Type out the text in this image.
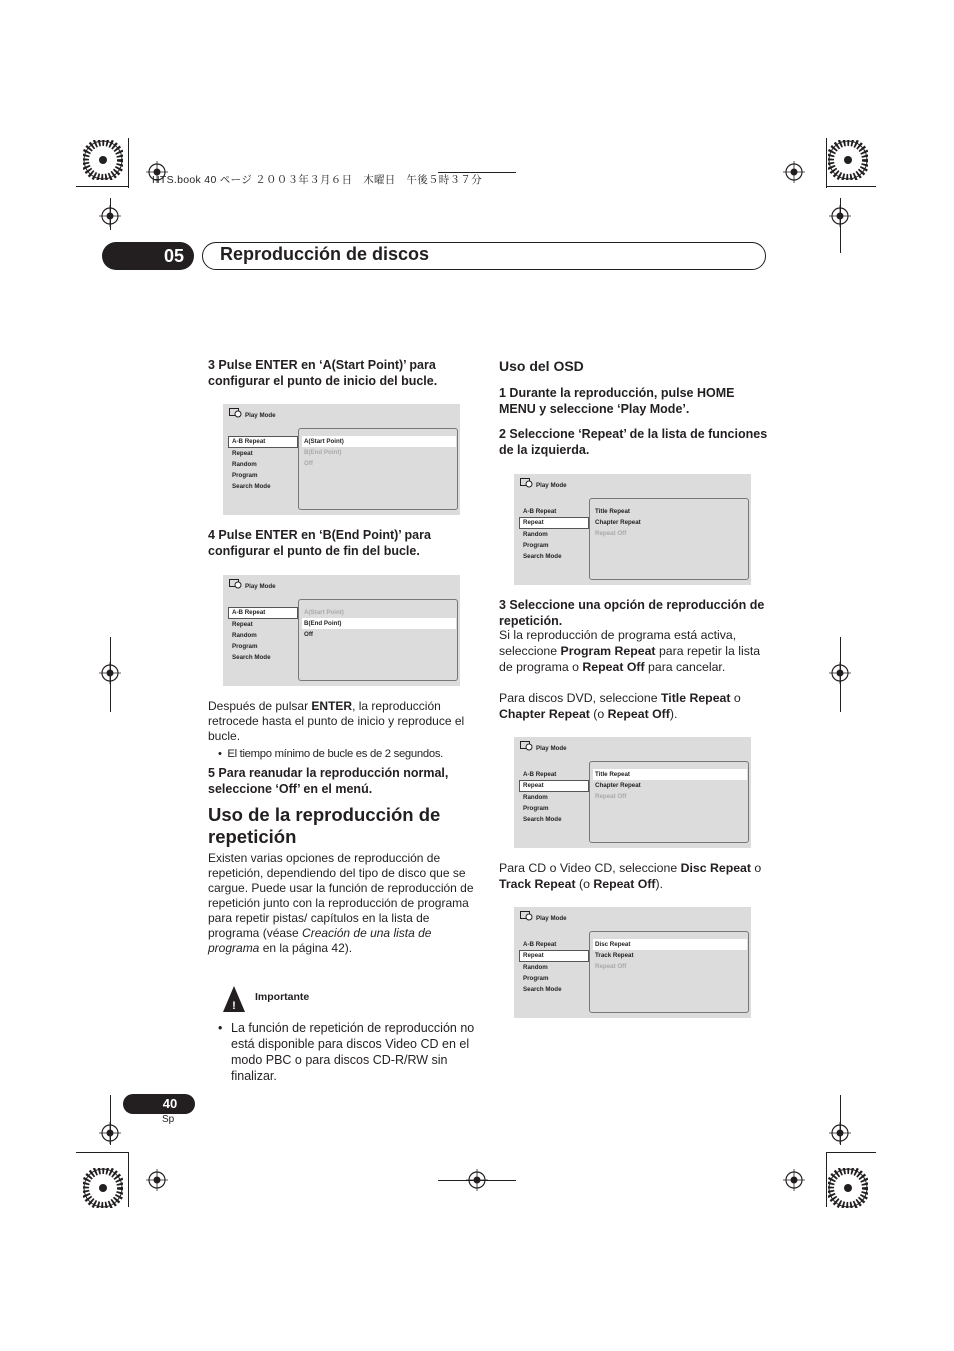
HTS.book 40 ページ ２００３年３月６日　木曜日　午後５時３７分
05	Reproducción de discos
3 Pulse ENTER en ‘A(Start Point)’ para configurar el punto de inicio del bucle.
Play Mode
A-B Repeat
Repeat
Random
Program
Search Mode
A(Start Point)
B(End Point)
Off
4 Pulse ENTER en ‘B(End Point)’ para configurar el punto de fin del bucle.
Play Mode
A-B Repeat
Repeat
Random
Program
Search Mode
A(Start Point)
B(End Point)
Off
Después de pulsar ENTER, la reproducción retrocede hasta el punto de inicio y reproduce el bucle.
•  El tiempo mínimo de bucle es de 2 segundos.
5 Para reanudar la reproducción normal, seleccione ‘Off’ en el menú.
Uso de la reproducción de repetición
Existen varias opciones de reproducción de repetición, dependiendo del tipo de disco que se cargue. Puede usar la función de reproducción de repetición junto con la reproducción de programa para repetir pistas/ capítulos en la lista de programa (véase Creación de una lista de programa en la página 42).
!
Importante
• La función de repetición de reproducción no está disponible para discos Video CD en el modo PBC o para discos CD-R/RW sin finalizar.
Uso del OSD
1 Durante la reproducción, pulse HOME MENU y seleccione ‘Play Mode’.
2 Seleccione ‘Repeat’ de la lista de funciones de la izquierda.
Play Mode
A-B Repeat
Repeat
Random
Program
Search Mode
Title Repeat
Chapter Repeat
Repeat Off
3 Seleccione una opción de reproducción de repetición.
Si la reproducción de programa está activa, seleccione Program Repeat para repetir la lista de programa o Repeat Off para cancelar.
Para discos DVD, seleccione Title Repeat o Chapter Repeat (o Repeat Off).
Play Mode
A-B Repeat
Repeat
Random
Program
Search Mode
Title Repeat
Chapter Repeat
Repeat Off
Para CD o Video CD, seleccione Disc Repeat o Track Repeat (o Repeat Off).
Play Mode
A-B Repeat
Repeat
Random
Program
Search Mode
Disc Repeat
Track Repeat
Repeat Off
40
Sp
